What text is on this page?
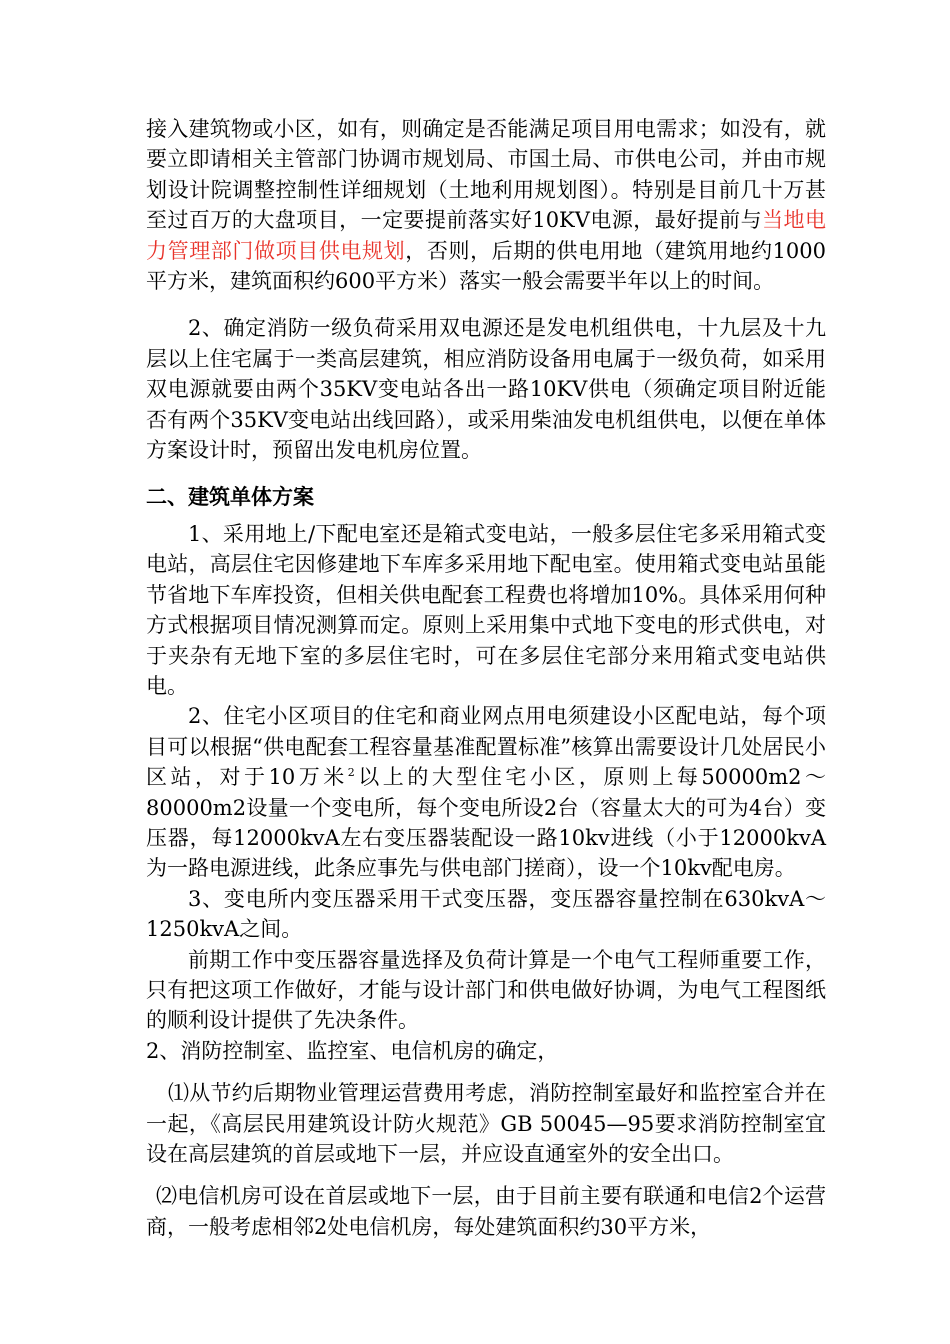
接入建筑物或小区，如有，则确定是否能满足项目用电需求；如没有，就要立即请相关主管部门协调市规划局、市国土局、市供电公司，并由市规划设计院调整控制性详细规划（土地利用规划图）。特别是目前几十万甚至过百万的大盘项目，一定要提前落实好10KV电源，最好提前与当地电力管理部门做项目供电规划，否则，后期的供电用地（建筑用地约1000平方米，建筑面积约600平方米）落实一般会需要半年以上的时间。

2、确定消防一级负荷采用双电源还是发电机组供电，十九层及十九层以上住宅属于一类高层建筑，相应消防设备用电属于一级负荷，如采用双电源就要由两个35KV变电站各出一路10KV供电（须确定项目附近能否有两个35KV变电站出线回路），或采用柴油发电机组供电，以便在单体方案设计时，预留出发电机房位置。

二、建筑单体方案

1、采用地上/下配电室还是箱式变电站，一般多层住宅多采用箱式变电站，高层住宅因修建地下车库多采用地下配电室。使用箱式变电站虽能节省地下车库投资，但相关供电配套工程费也将增加10%。具体采用何种方式根据项目情况测算而定。原则上采用集中式地下变电的形式供电，对于夹杂有无地下室的多层住宅时，可在多层住宅部分来用箱式变电站供电。

2、住宅小区项目的住宅和商业网点用电须建设小区配电站，每个项目可以根据“供电配套工程容量基准配置标准”核算出需要设计几处居民小区站，对于10万米$^2$以上的大型住宅小区，原则上每50000m2～80000m2设量一个变电所，每个变电所设2台（容量太大的可为4台）变压器，每12000kvA左右变压器装配设一路10kv进线（小于12000kvA为一路电源进线，此条应事先与供电部门搓商），设一个10kv配电房。

3、变电所内变压器采用干式变压器，变压器容量控制在630kvA～1250kvA之间。

前期工作中变压器容量选择及负荷计算是一个电气工程师重要工作，只有把这项工作做好，才能与设计部门和供电做好协调，为电气工程图纸的顺利设计提供了先决条件。

2、消防控制室、监控室、电信机房的确定，

⑴从节约后期物业管理运营费用考虑，消防控制室最好和监控室合并在一起，《高层民用建筑设计防火规范》GB 50045—95要求消防控制室宜设在高层建筑的首层或地下一层，并应设直通室外的安全出口。

⑵电信机房可设在首层或地下一层，由于目前主要有联通和电信2个运营商，一般考虑相邻2处电信机房，每处建筑面积约30平方米，
